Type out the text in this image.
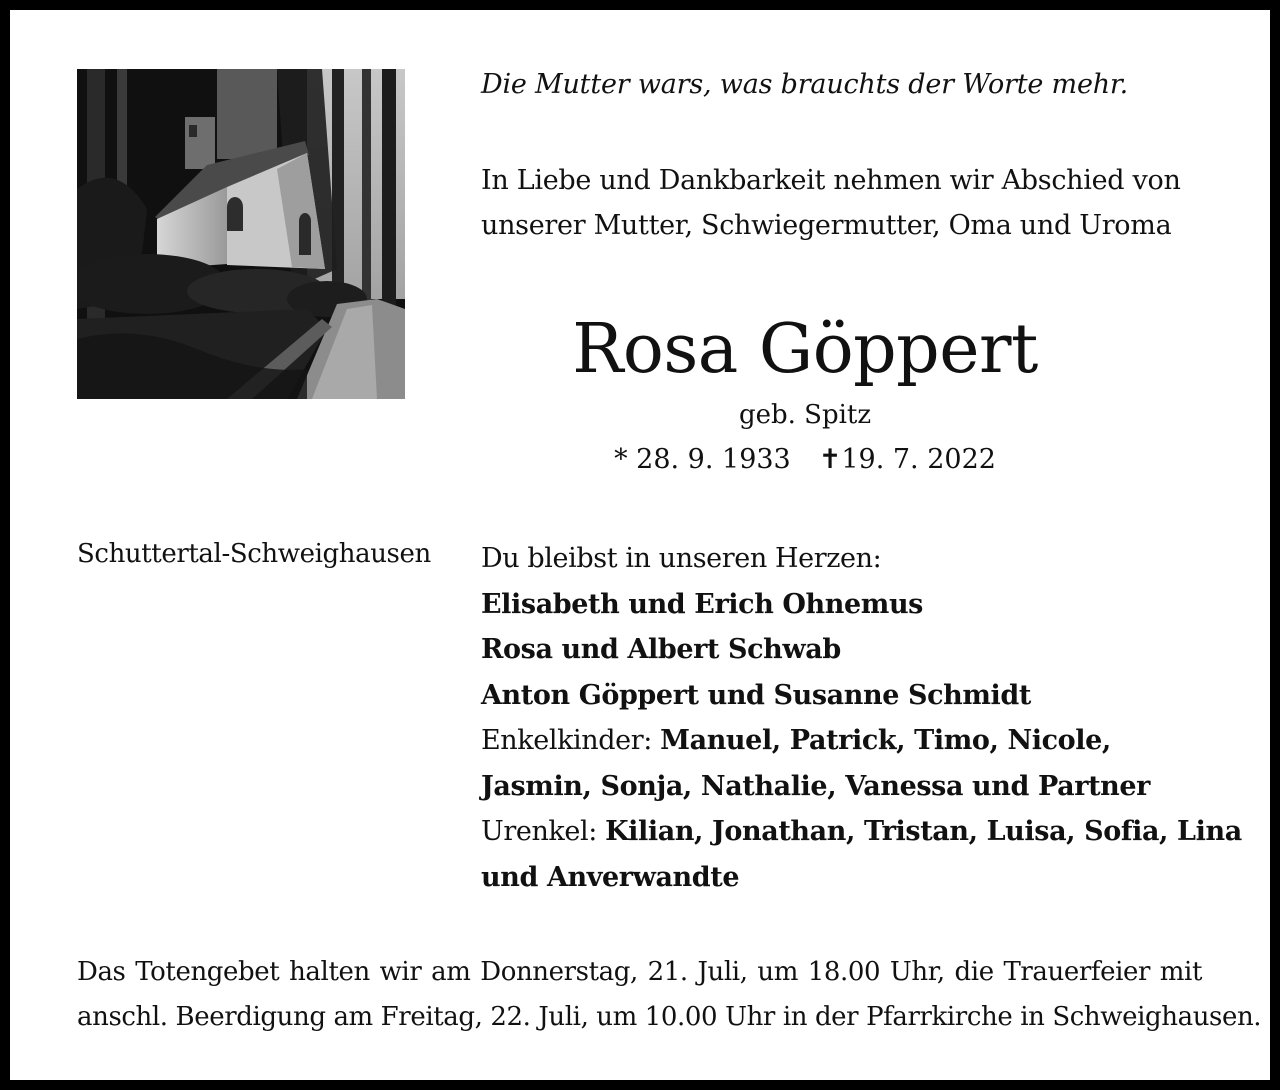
Die Mutter wars, was brauchts der Worte mehr.
In Liebe und Dankbarkeit nehmen wir Abschied von
unserer Mutter, Schwiegermutter, Oma und Uroma
Rosa Göppert
geb. Spitz
* 28. 9. 1933 ✝19. 7. 2022
Schuttertal-Schweighausen Du bleibst in unseren Herzen:
Elisabeth und Erich Ohnemus
Rosa und Albert Schwab
Anton Göppert und Susanne Schmidt
Enkelkinder: Manuel, Patrick, Timo, Nicole,
Jasmin, Sonja, Nathalie, Vanessa und Partner
Urenkel: Kilian, Jonathan, Tristan, Luisa, Sofia, Lina
und Anverwandte
Das Totengebet halten wir am Donnerstag, 21. Juli, um 18.00 Uhr, die Trauerfeier mit
anschl. Beerdigung am Freitag, 22. Juli, um 10.00 Uhr in der Pfarrkirche in Schweighausen.
